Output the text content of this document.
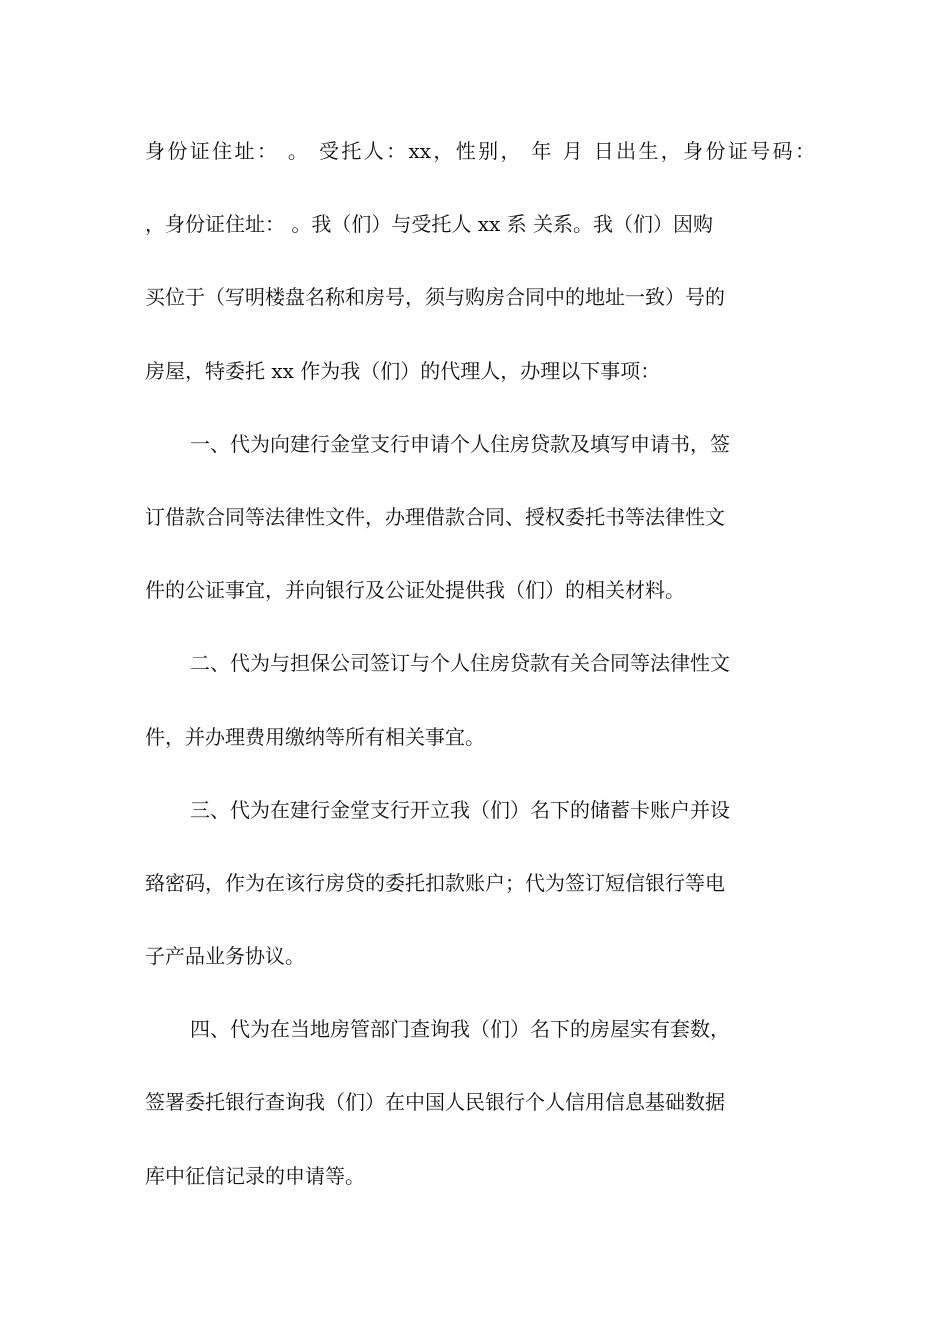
身份证住址： 。 受托人：xx，性别， 年 月 日出生，身份证号码：
，身份证住址： 。我（们）与受托人 xx 系 关系。我（们）因购
买位于（写明楼盘名称和房号，须与购房合同中的地址一致）号的
房屋，特委托 xx 作为我（们）的代理人，办理以下事项：
一、代为向建行金堂支行申请个人住房贷款及填写申请书，签
订借款合同等法律性文件，办理借款合同、授权委托书等法律性文
件的公证事宜，并向银行及公证处提供我（们）的相关材料。
二、代为与担保公司签订与个人住房贷款有关合同等法律性文
件，并办理费用缴纳等所有相关事宜。
三、代为在建行金堂支行开立我（们）名下的储蓄卡账户并设
臵密码，作为在该行房贷的委托扣款账户；代为签订短信银行等电
子产品业务协议。
四、代为在当地房管部门查询我（们）名下的房屋实有套数，
签署委托银行查询我（们）在中国人民银行个人信用信息基础数据
库中征信记录的申请等。
